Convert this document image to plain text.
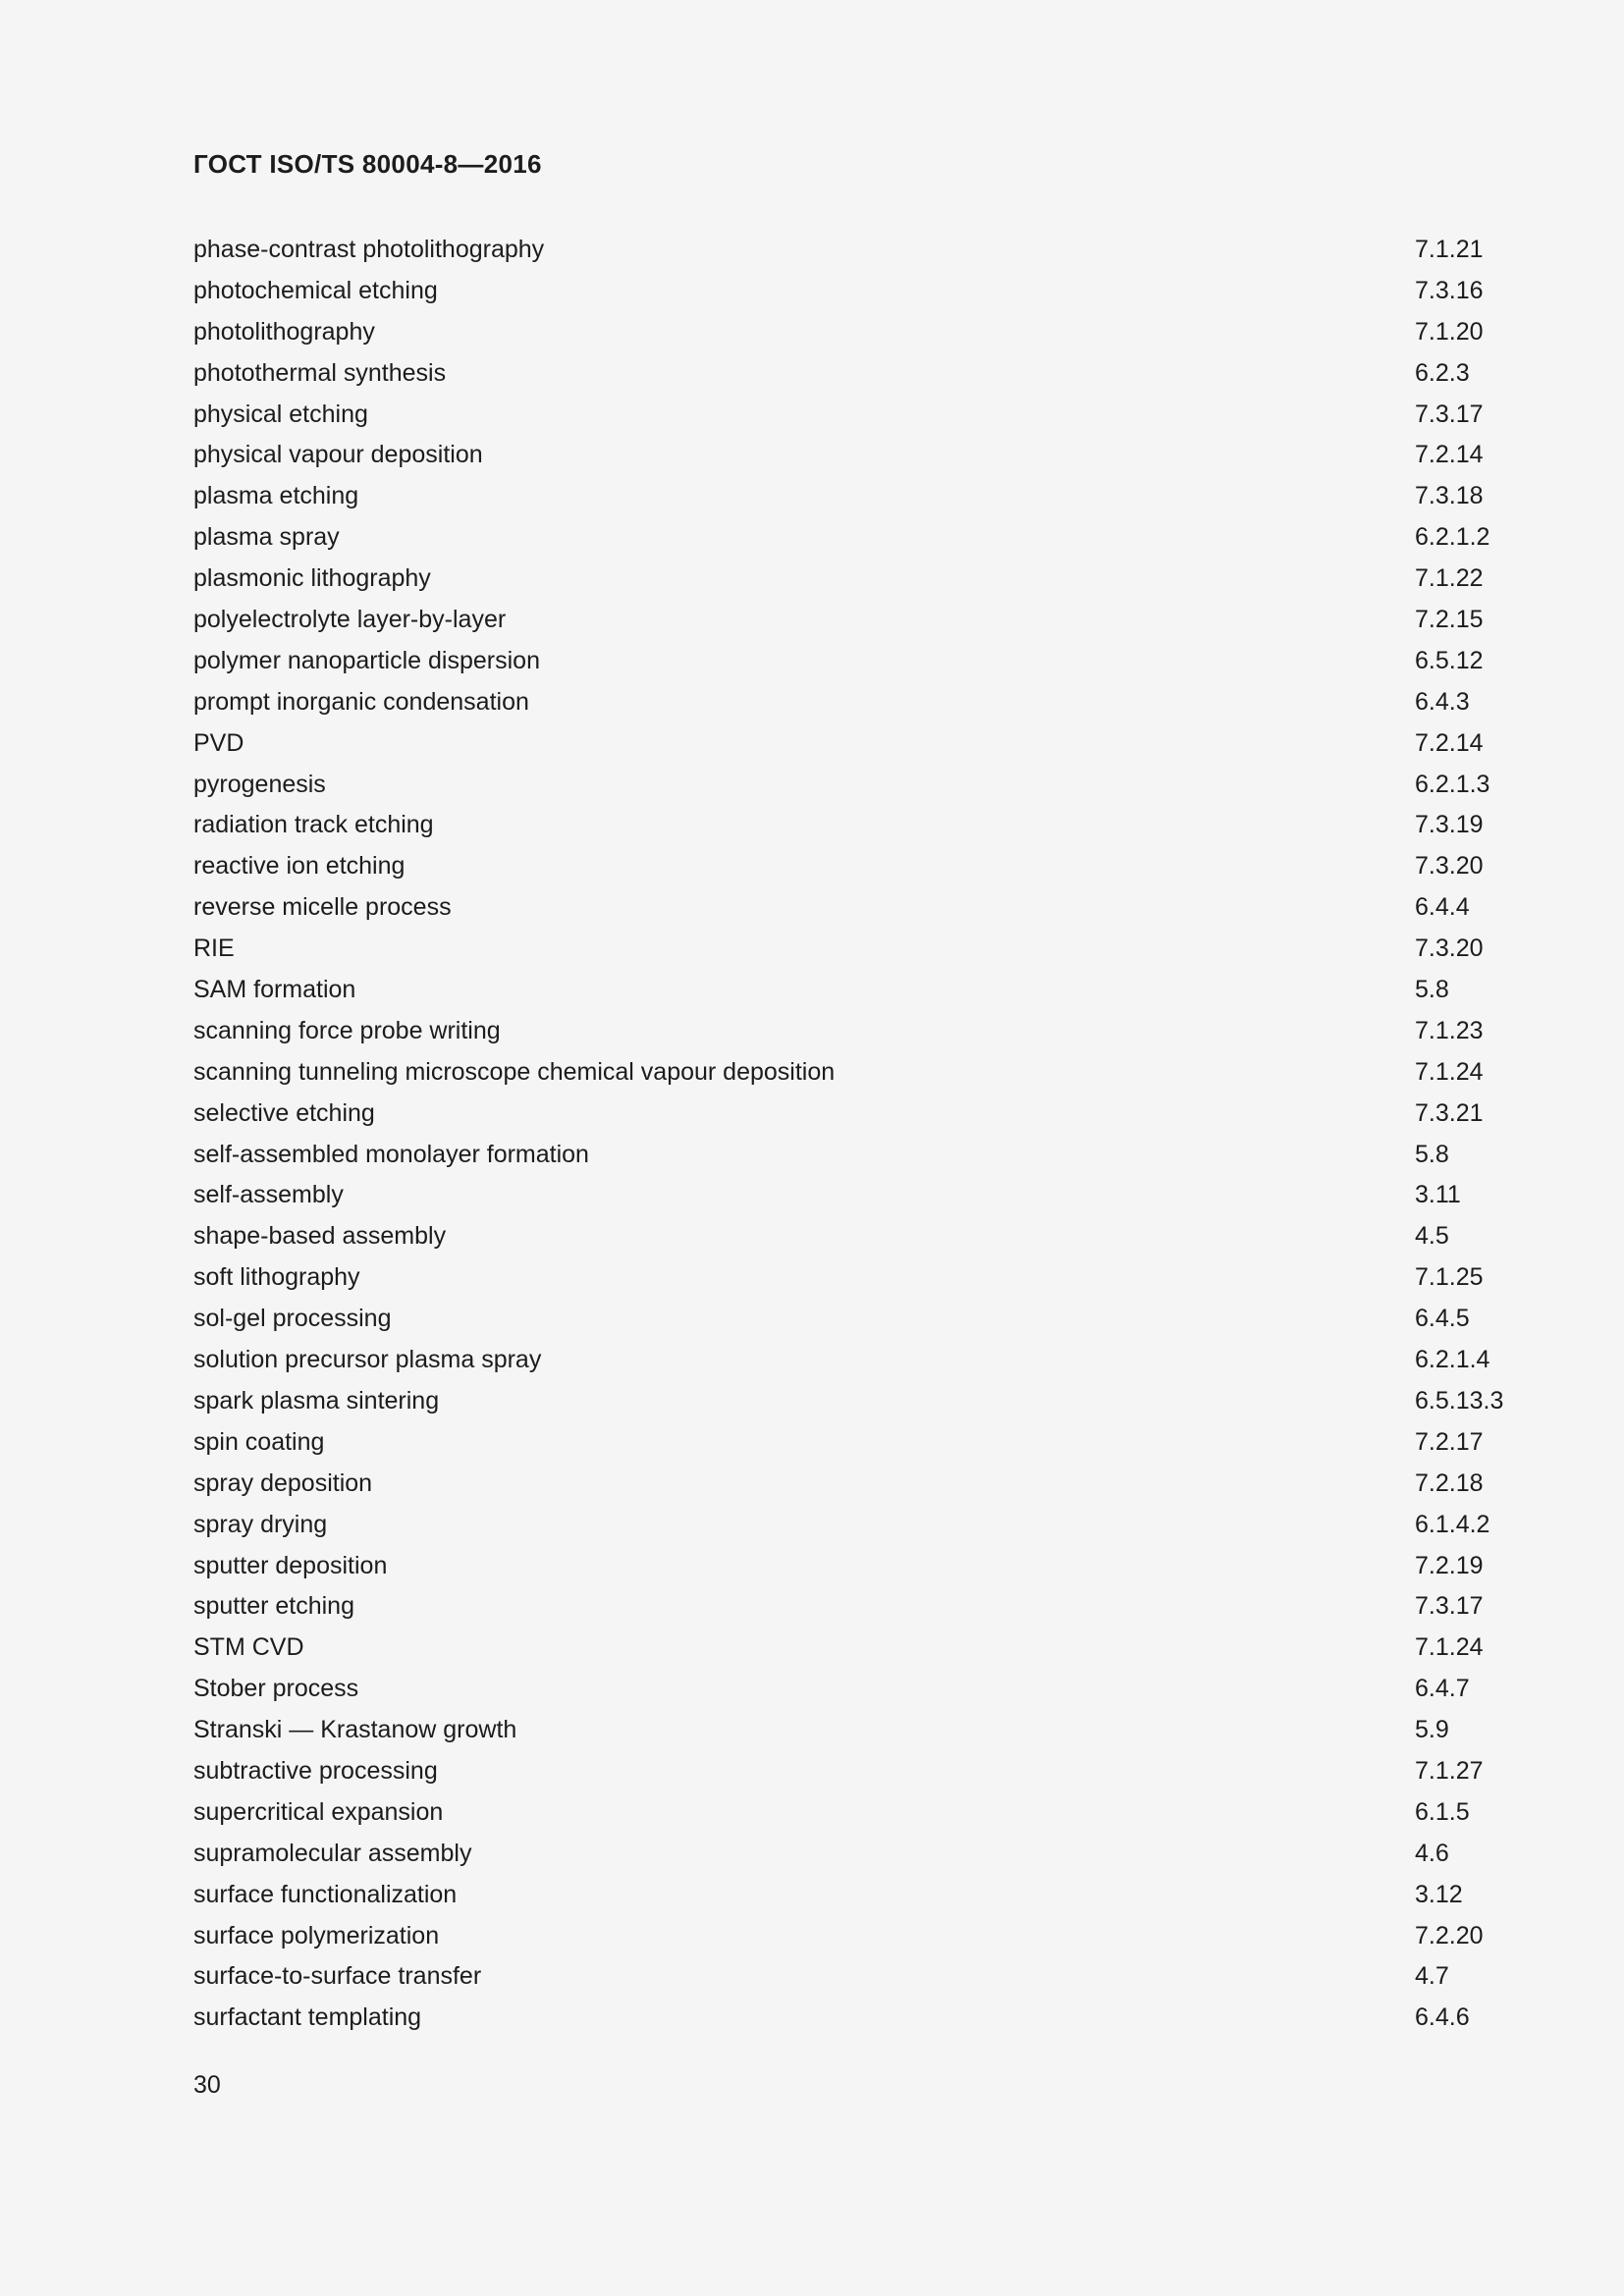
ГОСТ ISO/TS 80004-8—2016
phase-contrast photolithography	7.1.21
photochemical etching	7.3.16
photolithography	7.1.20
photothermal synthesis	6.2.3
physical etching	7.3.17
physical vapour deposition	7.2.14
plasma etching	7.3.18
plasma spray	6.2.1.2
plasmonic lithography	7.1.22
polyelectrolyte layer-by-layer	7.2.15
polymer nanoparticle dispersion	6.5.12
prompt inorganic condensation	6.4.3
PVD	7.2.14
pyrogenesis	6.2.1.3
radiation track etching	7.3.19
reactive ion etching	7.3.20
reverse micelle process	6.4.4
RIE	7.3.20
SAM formation	5.8
scanning force probe writing	7.1.23
scanning tunneling microscope chemical vapour deposition	7.1.24
selective etching	7.3.21
self-assembled monolayer formation	5.8
self-assembly	3.11
shape-based assembly	4.5
soft lithography	7.1.25
sol-gel processing	6.4.5
solution precursor plasma spray	6.2.1.4
spark plasma sintering	6.5.13.3
spin coating	7.2.17
spray deposition	7.2.18
spray drying	6.1.4.2
sputter deposition	7.2.19
sputter etching	7.3.17
STM CVD	7.1.24
Stober process	6.4.7
Stranski — Krastanow growth	5.9
subtractive processing	7.1.27
supercritical expansion	6.1.5
supramolecular assembly	4.6
surface functionalization	3.12
surface polymerization	7.2.20
surface-to-surface transfer	4.7
surfactant templating	6.4.6
30
